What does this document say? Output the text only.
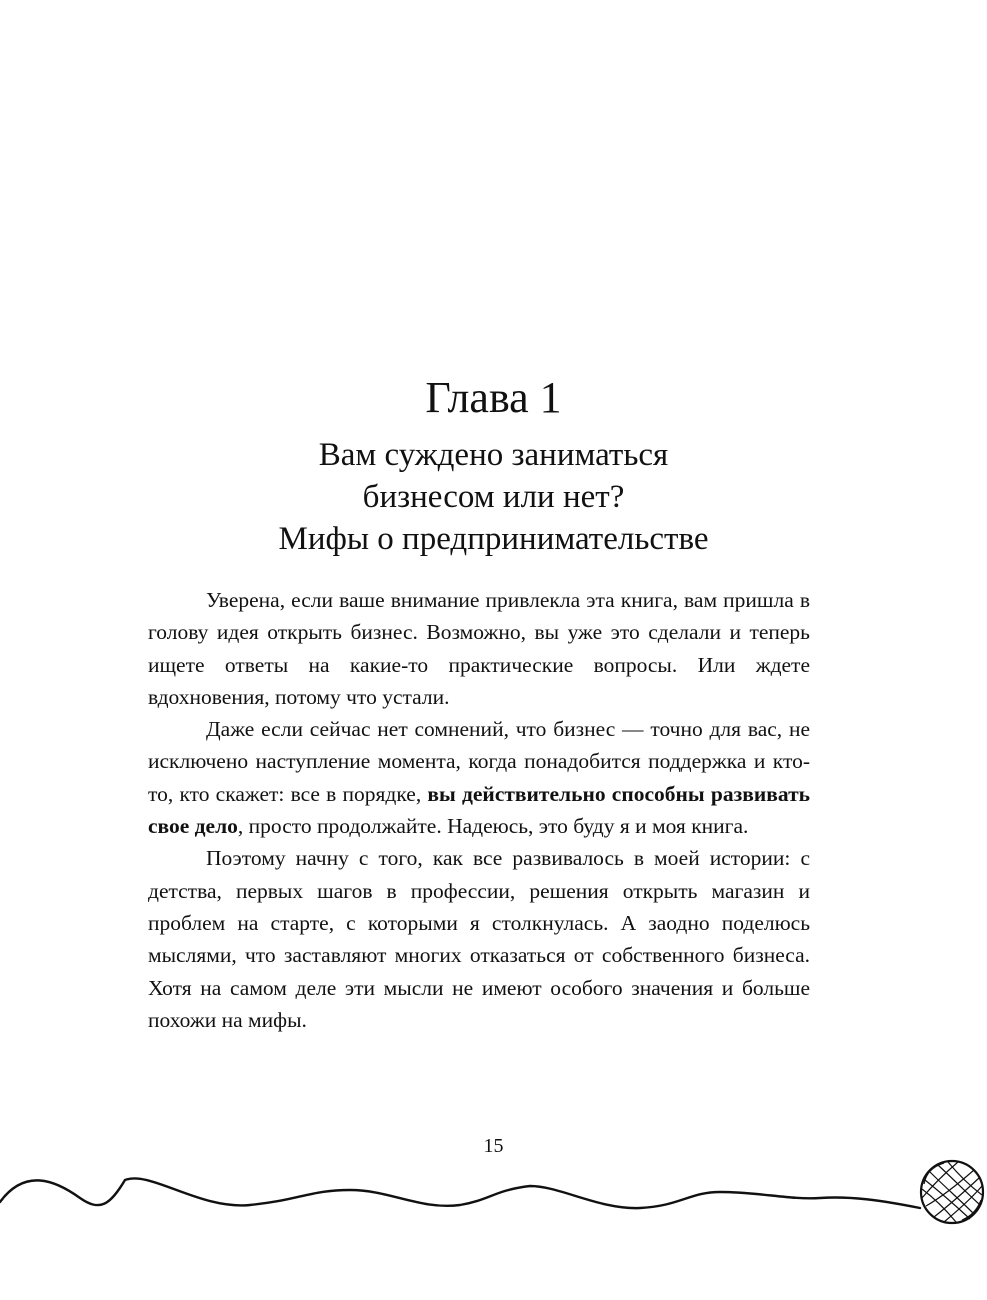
Глава 1
Вам суждено заниматься
бизнесом или нет?
Мифы о предпринимательстве

Уверена, если ваше внимание привлекла эта книга, вам пришла в голову идея открыть бизнес. Возможно, вы уже это сделали и теперь ищете ответы на какие-то практические вопросы. Или ждете вдохновения, потому что устали.

Даже если сейчас нет сомнений, что бизнес — точно для вас, не исключено наступление момента, когда понадобится поддержка и кто-то, кто скажет: все в порядке, вы действительно способны развивать свое дело, просто продолжайте. Надеюсь, это буду я и моя книга.

Поэтому начну с того, как все развивалось в моей истории: с детства, первых шагов в профессии, решения открыть магазин и проблем на старте, с которыми я столкнулась. А заодно поделюсь мыслями, что заставляют многих отказаться от собственного бизнеса. Хотя на самом деле эти мысли не имеют особого значения и больше похожи на мифы.

15
